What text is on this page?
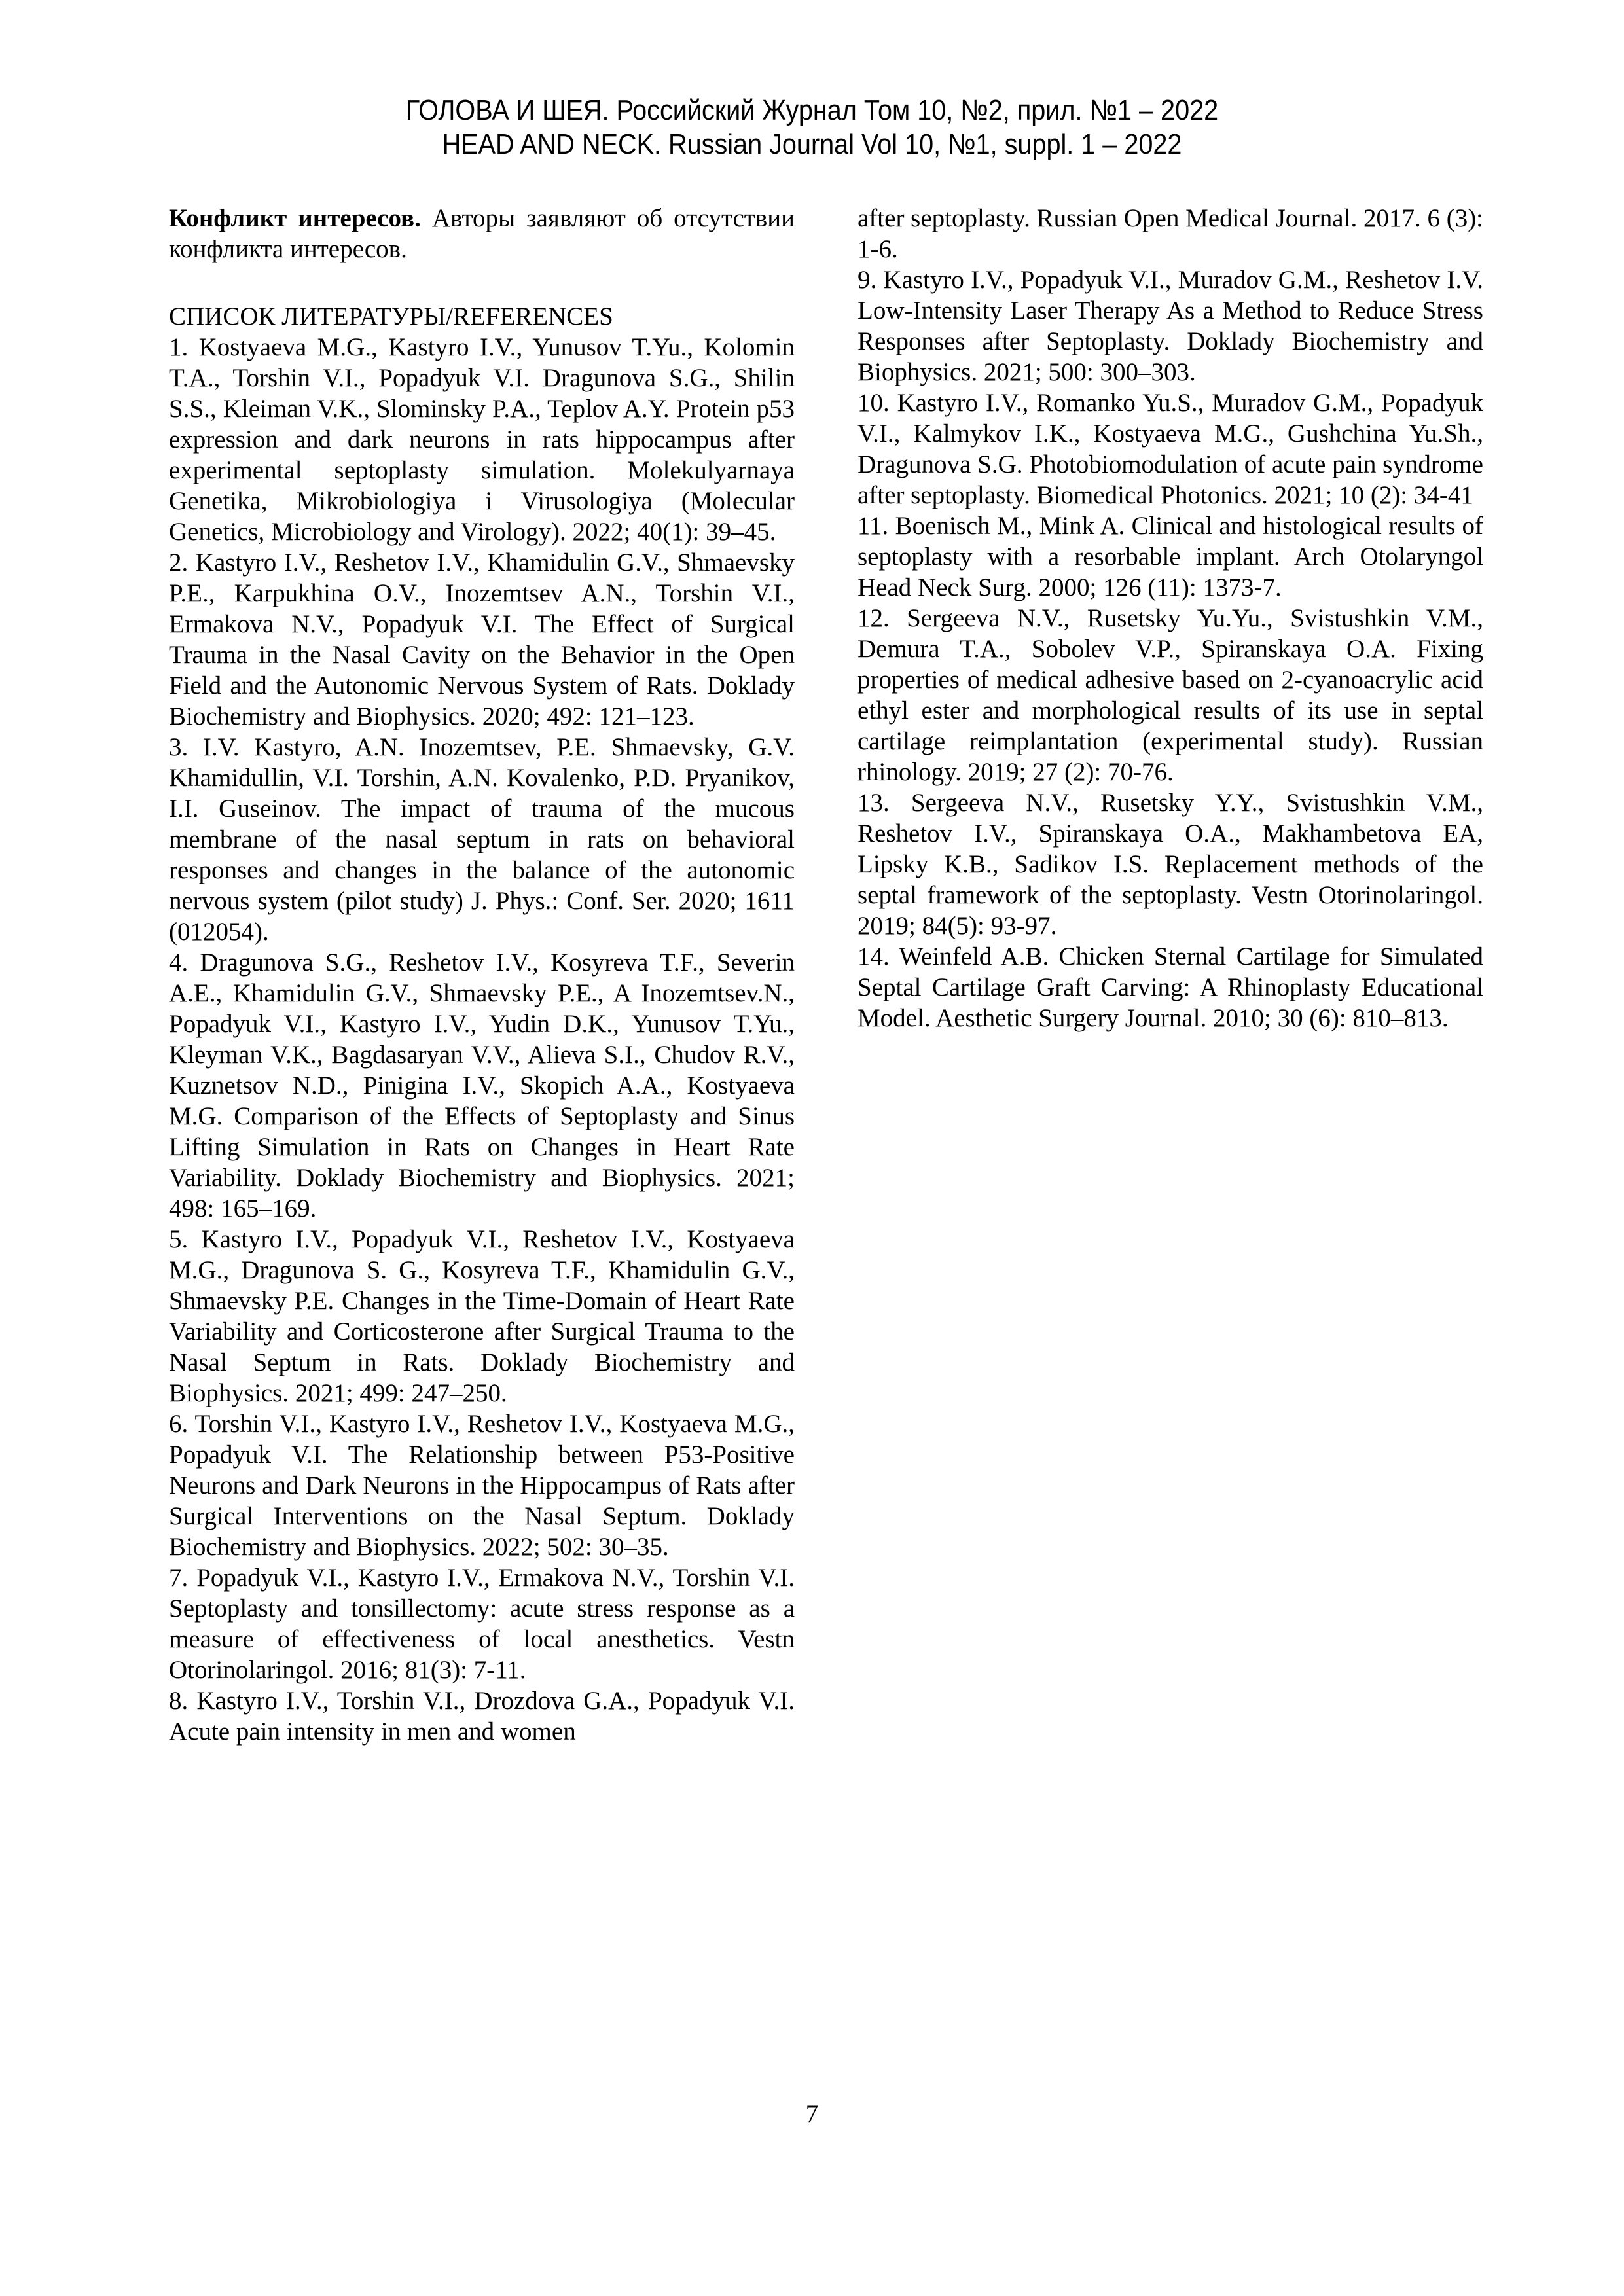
ГОЛОВА И ШЕЯ. Российский Журнал Том 10, №2, прил. №1 – 2022
HEAD AND NECK. Russian Journal Vol 10, №1, suppl. 1 – 2022

Конфликт интересов. Авторы заявляют об отсутствии конфликта интересов.

СПИСОК ЛИТЕРАТУРЫ/REFERENCES

1. Kostyaeva M.G., Kastyro I.V., Yunusov T.Yu., Kolomin T.A., Torshin V.I., Popadyuk V.I. Dragunova S.G., Shilin S.S., Kleiman V.K., Slominsky P.A., Teplov A.Y. Protein p53 expression and dark neurons in rats hippocampus after experimental septoplasty simulation. Molekulyarnaya Genetika, Mikrobiologiya i Virusologiya (Molecular Genetics, Microbiology and Virology). 2022; 40(1): 39–45.

2. Kastyro I.V., Reshetov I.V., Khamidulin G.V., Shmaevsky P.E., Karpukhina O.V., Inozemtsev A.N., Torshin V.I., Ermakova N.V., Popadyuk V.I. The Effect of Surgical Trauma in the Nasal Cavity on the Behavior in the Open Field and the Autonomic Nervous System of Rats. Doklady Biochemistry and Biophysics. 2020; 492: 121–123.

3. I.V. Kastyro, A.N. Inozemtsev, P.E. Shmaevsky, G.V. Khamidullin, V.I. Torshin, A.N. Kovalenko, P.D. Pryanikov, I.I. Guseinov. The impact of trauma of the mucous membrane of the nasal septum in rats on behavioral responses and changes in the balance of the autonomic nervous system (pilot study) J. Phys.: Conf. Ser. 2020; 1611 (012054).

4. Dragunova S.G., Reshetov I.V., Kosyreva T.F., Severin A.E., Khamidulin G.V., Shmaevsky P.E., A Inozemtsev.N., Popadyuk V.I., Kastyro I.V., Yudin D.K., Yunusov T.Yu., Kleyman V.K., Bagdasaryan V.V., Alieva S.I., Chudov R.V., Kuznetsov N.D., Pinigina I.V., Skopich A.A., Kostyaeva M.G. Comparison of the Effects of Septoplasty and Sinus Lifting Simulation in Rats on Changes in Heart Rate Variability. Doklady Biochemistry and Biophysics. 2021; 498: 165–169.

5. Kastyro I.V., Popadyuk V.I., Reshetov I.V., Kostyaeva M.G., Dragunova S. G., Kosyreva T.F., Khamidulin G.V., Shmaevsky P.E. Changes in the Time-Domain of Heart Rate Variability and Corticosterone after Surgical Trauma to the Nasal Septum in Rats. Doklady Biochemistry and Biophysics. 2021; 499: 247–250.

6. Torshin V.I., Kastyro I.V., Reshetov I.V., Kostyaeva M.G., Popadyuk V.I. The Relationship between P53-Positive Neurons and Dark Neurons in the Hippocampus of Rats after Surgical Interventions on the Nasal Septum. Doklady Biochemistry and Biophysics. 2022; 502: 30–35.

7. Popadyuk V.I., Kastyro I.V., Ermakova N.V., Torshin V.I. Septoplasty and tonsillectomy: acute stress response as a measure of effectiveness of local anesthetics. Vestn Otorinolaringol. 2016; 81(3): 7-11.

8. Kastyro I.V., Torshin V.I., Drozdova G.A., Popadyuk V.I. Acute pain intensity in men and women

after septoplasty. Russian Open Medical Journal. 2017. 6 (3): 1-6.

9. Kastyro I.V., Popadyuk V.I., Muradov G.M., Reshetov I.V. Low-Intensity Laser Therapy As a Method to Reduce Stress Responses after Septoplasty. Doklady Biochemistry and Biophysics. 2021; 500: 300–303.

10. Kastyro I.V., Romanko Yu.S., Muradov G.M., Popadyuk V.I., Kalmykov I.K., Kostyaeva M.G., Gushchina Yu.Sh., Dragunova S.G. Photobiomodulation of acute pain syndrome after septoplasty. Biomedical Photonics. 2021; 10 (2): 34-41

11. Boenisch M., Mink A. Clinical and histological results of septoplasty with a resorbable implant. Arch Otolaryngol Head Neck Surg. 2000; 126 (11): 1373-7.

12. Sergeeva N.V., Rusetsky Yu.Yu., Svistushkin V.M., Demura T.A., Sobolev V.P., Spiranskaya O.A. Fixing properties of medical adhesive based on 2-cyanoacrylic acid ethyl ester and morphological results of its use in septal cartilage reimplantation (experimental study). Russian rhinology. 2019; 27 (2): 70-76.

13. Sergeeva N.V., Rusetsky Y.Y., Svistushkin V.M., Reshetov I.V., Spiranskaya O.A., Makhambetova EA, Lipsky K.B., Sadikov I.S. Replacement methods of the septal framework of the septoplasty. Vestn Otorinolaringol. 2019; 84(5): 93-97.

14. Weinfeld A.B. Chicken Sternal Cartilage for Simulated Septal Cartilage Graft Carving: A Rhinoplasty Educational Model. Aesthetic Surgery Journal. 2010; 30 (6): 810–813.

7
